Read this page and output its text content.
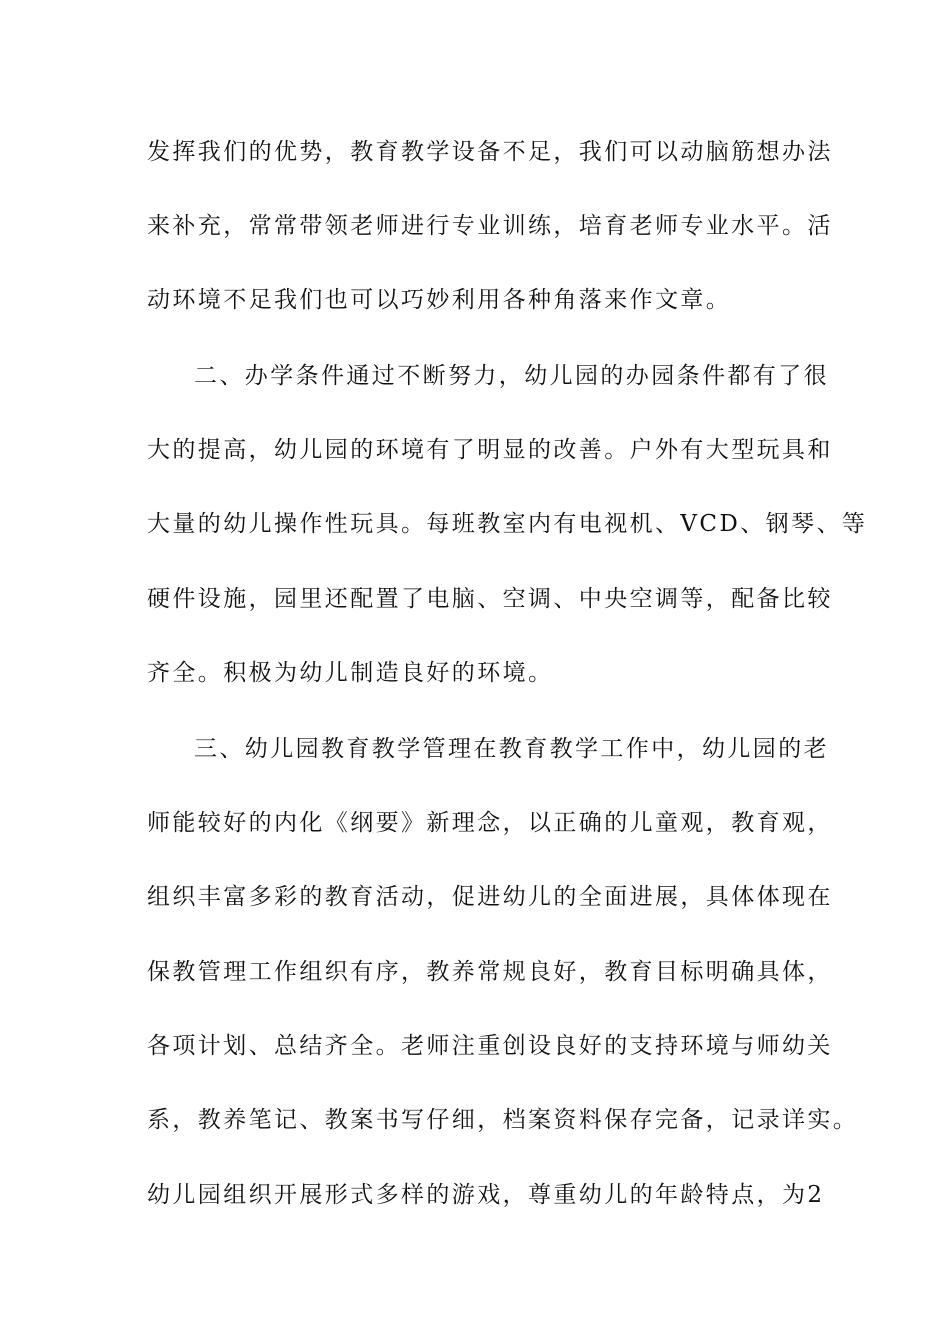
发挥我们的优势，教育教学设备不足，我们可以动脑筋想办法
来补充，常常带领老师进行专业训练，培育老师专业水平。活
动环境不足我们也可以巧妙利用各种角落来作文章。
二、办学条件通过不断努力，幼儿园的办园条件都有了很
大的提高，幼儿园的环境有了明显的改善。户外有大型玩具和
大量的幼儿操作性玩具。每班教室内有电视机、VCD、钢琴、等
硬件设施，园里还配置了电脑、空调、中央空调等，配备比较
齐全。积极为幼儿制造良好的环境。
三、幼儿园教育教学管理在教育教学工作中，幼儿园的老
师能较好的内化《纲要》新理念，以正确的儿童观，教育观，
组织丰富多彩的教育活动，促进幼儿的全面进展，具体体现在
保教管理工作组织有序，教养常规良好，教育目标明确具体，
各项计划、总结齐全。老师注重创设良好的支持环境与师幼关
系，教养笔记、教案书写仔细，档案资料保存完备，记录详实。
幼儿园组织开展形式多样的游戏，尊重幼儿的年龄特点，为2
